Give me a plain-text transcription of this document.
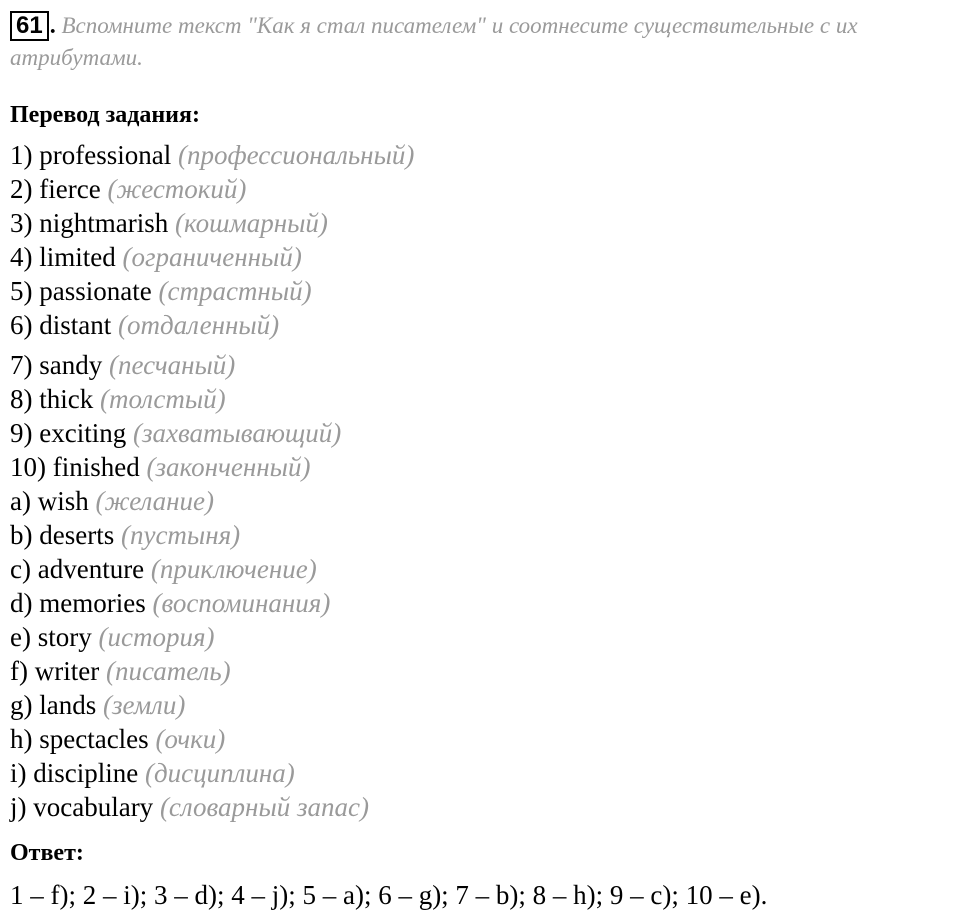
61 . Вспомните текст "Как я стал писателем" и соотнесите существительные с их атрибутами.
Перевод задания:
1) professional (профессиональный)
2) fierce (жестокий)
3) nightmarish (кошмарный)
4) limited (ограниченный)
5) passionate (страстный)
6) distant (отдаленный)
7) sandy (песчаный)
8) thick (толстый)
9) exciting (захватывающий)
10) finished (законченный)
a) wish (желание)
b) deserts (пустыня)
c) adventure (приключение)
d) memories (воспоминания)
e) story (история)
f) writer (писатель)
g) lands (земли)
h) spectacles (очки)
i) discipline (дисциплина)
j) vocabulary (словарный запас)
Ответ:
1 – f); 2 – i); 3 – d); 4 – j); 5 – a); 6 – g); 7 – b); 8 – h); 9 – c); 10 – e).
